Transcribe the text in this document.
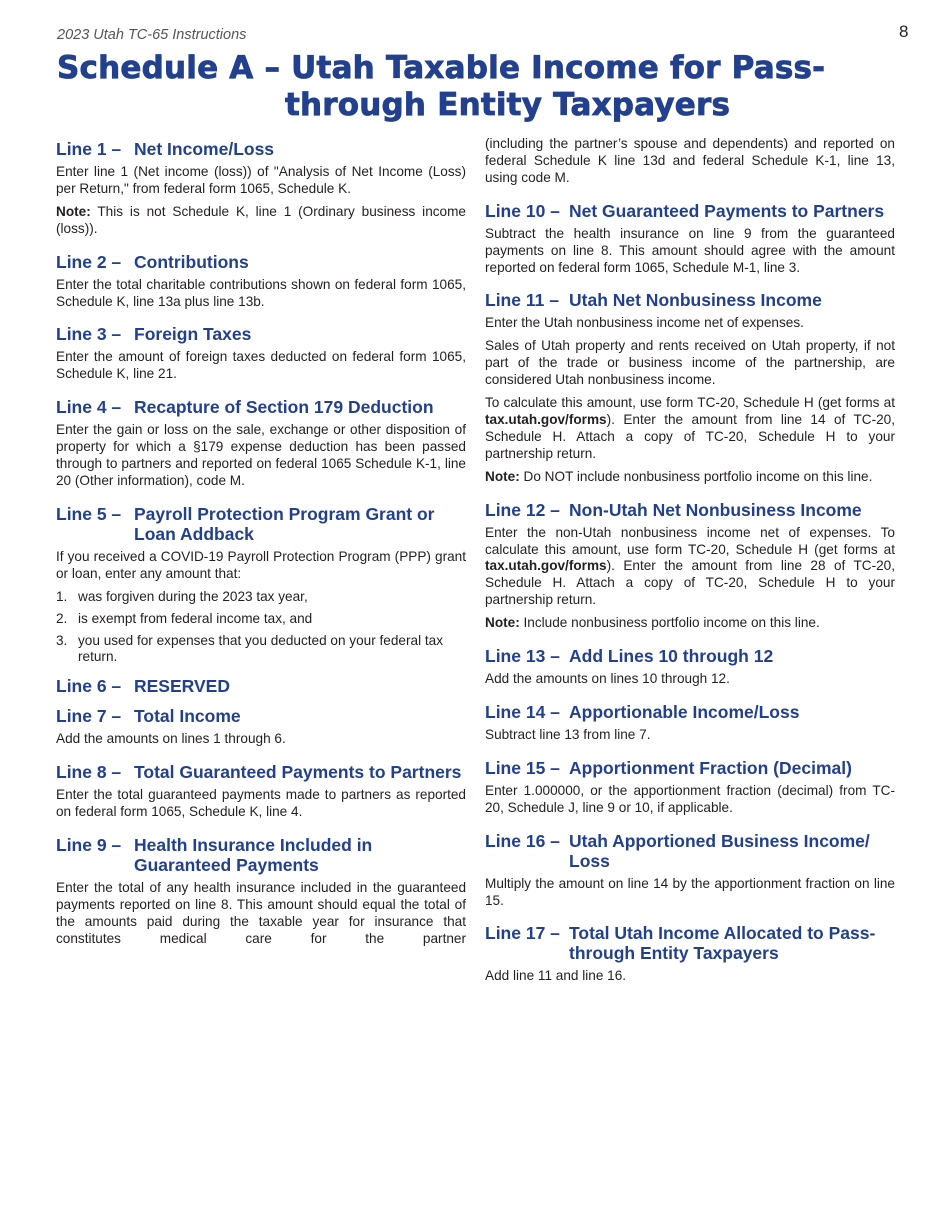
2023 Utah TC-65 Instructions	8
Schedule A – Utah Taxable Income for Pass-
through Entity Taxpayers
Line 1 – Net Income/Loss

Enter line 1 (Net income (loss)) of "Analysis of Net Income (Loss) per Return," from federal form 1065, Schedule K.

Note: This is not Schedule K, line 1 (Ordinary business income (loss)).

Line 2 – Contributions

Enter the total charitable contributions shown on federal form 1065, Schedule K, line 13a plus line 13b.

Line 3 – Foreign Taxes

Enter the amount of foreign taxes deducted on federal form 1065, Schedule K, line 21.

Line 4 – Recapture of Section 179 Deduction

Enter the gain or loss on the sale, exchange or other disposition of property for which a §179 expense deduction has been passed through to partners and reported on federal 1065 Schedule K-1, line 20 (Other information), code M.

Line 5 – Payroll Protection Program Grant or Loan Addback

If you received a COVID-19 Payroll Protection Program (PPP) grant or loan, enter any amount that:

1. was forgiven during the 2023 tax year,
2. is exempt from federal income tax, and
3. you used for expenses that you deducted on your federal tax return.
Line 6 – RESERVED
Line 7 – Total Income

Add the amounts on lines 1 through 6.

Line 8 – Total Guaranteed Payments to Partners

Enter the total guaranteed payments made to partners as reported on federal form 1065, Schedule K, line 4.

Line 9 – Health Insurance Included in Guaranteed Payments

Enter the total of any health insurance included in the guaranteed payments reported on line 8. This amount should equal the total of the amounts paid during the taxable year for insurance that constitutes medical care for the partner

(including the partner’s spouse and dependents) and reported on federal Schedule K line 13d and federal Schedule K-1, line 13, using code M.

Line 10 – Net Guaranteed Payments to Partners

Subtract the health insurance on line 9 from the guaranteed payments on line 8. This amount should agree with the amount reported on federal form 1065, Schedule M-1, line 3.

Line 11 – Utah Net Nonbusiness Income

Enter the Utah nonbusiness income net of expenses.

Sales of Utah property and rents received on Utah property, if not part of the trade or business income of the partnership, are considered Utah nonbusiness income.

To calculate this amount, use form TC-20, Schedule H (get forms at tax.utah.gov/forms). Enter the amount from line 14 of TC-20, Schedule H. Attach a copy of TC-20, Schedule H to your partnership return.

Note: Do NOT include nonbusiness portfolio income on this line.

Line 12 – Non-Utah Net Nonbusiness Income

Enter the non-Utah nonbusiness income net of expenses. To calculate this amount, use form TC-20, Schedule H (get forms at tax.utah.gov/forms). Enter the amount from line 28 of TC-20, Schedule H. Attach a copy of TC-20, Schedule H to your partnership return.

Note: Include nonbusiness portfolio income on this line.

Line 13 – Add Lines 10 through 12

Add the amounts on lines 10 through 12.

Line 14 – Apportionable Income/Loss

Subtract line 13 from line 7.

Line 15 – Apportionment Fraction (Decimal)

Enter 1.000000, or the apportionment fraction (decimal) from TC-20, Schedule J, line 9 or 10, if applicable.

Line 16 – Utah Apportioned Business Income/ Loss

Multiply the amount on line 14 by the apportionment fraction on line 15.

Line 17 – Total Utah Income Allocated to Pass-through Entity Taxpayers

Add line 11 and line 16.
